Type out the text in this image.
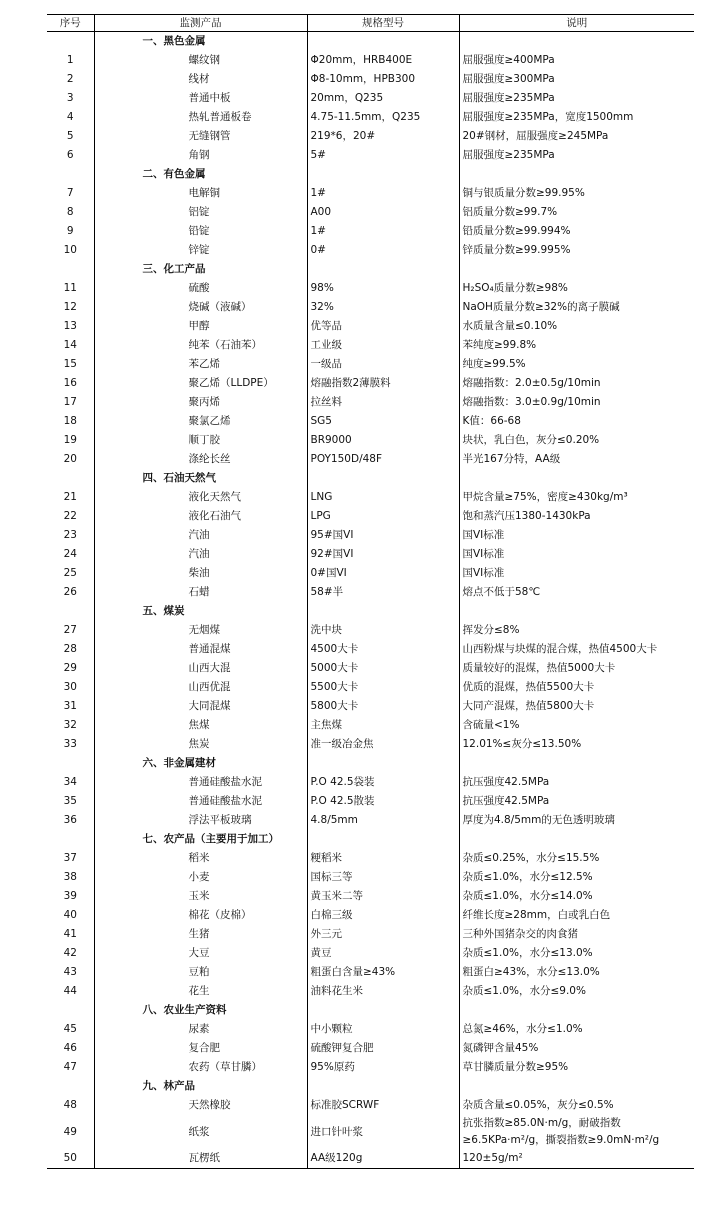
序号	监测产品	规格型号	说明
	一、黑色金属		
1	螺纹钢	Φ20mm，HRB400E	屈服强度≥400MPa
2	线材	Φ8-10mm，HPB300	屈服强度≥300MPa
3	普通中板	20mm，Q235	屈服强度≥235MPa
4	热轧普通板卷	4.75-11.5mm，Q235	屈服强度≥235MPa，宽度1500mm
5	无缝钢管	219*6，20#	20#钢材，屈服强度≥245MPa
6	角钢	5#	屈服强度≥235MPa
	二、有色金属		
7	电解铜	1#	铜与银质量分数≥99.95%
8	铝锭	A00	铝质量分数≥99.7%
9	铅锭	1#	铅质量分数≥99.994%
10	锌锭	0#	锌质量分数≥99.995%
	三、化工产品		
11	硫酸	98%	H₂SO₄质量分数≥98%
12	烧碱（液碱）	32%	NaOH质量分数≥32%的离子膜碱
13	甲醇	优等品	水质量含量≤0.10%
14	纯苯（石油苯）	工业级	苯纯度≥99.8%
15	苯乙烯	一级品	纯度≥99.5%
16	聚乙烯（LLDPE）	熔融指数2薄膜料	熔融指数：2.0±0.5g/10min
17	聚丙烯	拉丝料	熔融指数：3.0±0.9g/10min
18	聚氯乙烯	SG5	K值：66-68
19	顺丁胶	BR9000	块状，乳白色，灰分≤0.20%
20	涤纶长丝	POY150D/48F	半光167分特，AA级
	四、石油天然气		
21	液化天然气	LNG	甲烷含量≥75%，密度≥430kg/m³
22	液化石油气	LPG	饱和蒸汽压1380-1430kPa
23	汽油	95#国VI	国VI标准
24	汽油	92#国VI	国VI标准
25	柴油	0#国VI	国VI标准
26	石蜡	58#半	熔点不低于58℃
	五、煤炭		
27	无烟煤	洗中块	挥发分≤8%
28	普通混煤	4500大卡	山西粉煤与块煤的混合煤，热值4500大卡
29	山西大混	5000大卡	质量较好的混煤，热值5000大卡
30	山西优混	5500大卡	优质的混煤，热值5500大卡
31	大同混煤	5800大卡	大同产混煤，热值5800大卡
32	焦煤	主焦煤	含硫量<1%
33	焦炭	准一级冶金焦	12.01%≤灰分≤13.50%
	六、非金属建材		
34	普通硅酸盐水泥	P.O 42.5袋装	抗压强度42.5MPa
35	普通硅酸盐水泥	P.O 42.5散装	抗压强度42.5MPa
36	浮法平板玻璃	4.8/5mm	厚度为4.8/5mm的无色透明玻璃
	七、农产品（主要用于加工）		
37	稻米	粳稻米	杂质≤0.25%，水分≤15.5%
38	小麦	国标三等	杂质≤1.0%，水分≤12.5%
39	玉米	黄玉米二等	杂质≤1.0%，水分≤14.0%
40	棉花（皮棉）	白棉三级	纤维长度≥28mm，白或乳白色
41	生猪	外三元	三种外国猪杂交的肉食猪
42	大豆	黄豆	杂质≤1.0%，水分≤13.0%
43	豆粕	粗蛋白含量≥43%	粗蛋白≥43%，水分≤13.0%
44	花生	油料花生米	杂质≤1.0%，水分≤9.0%
	八、农业生产资料		
45	尿素	中小颗粒	总氮≥46%，水分≤1.0%
46	复合肥	硫酸钾复合肥	氮磷钾含量45%
47	农药（草甘膦）	95%原药	草甘膦质量分数≥95%
	九、林产品		
48	天然橡胶	标准胶SCRWF	杂质含量≤0.05%，灰分≤0.5%
49	纸浆	进口针叶浆	抗张指数≥85.0N·m/g，耐破指数≥6.5KPa·m²/g，撕裂指数≥9.0mN·m²/g
50	瓦楞纸	AA级120g	120±5g/m²
